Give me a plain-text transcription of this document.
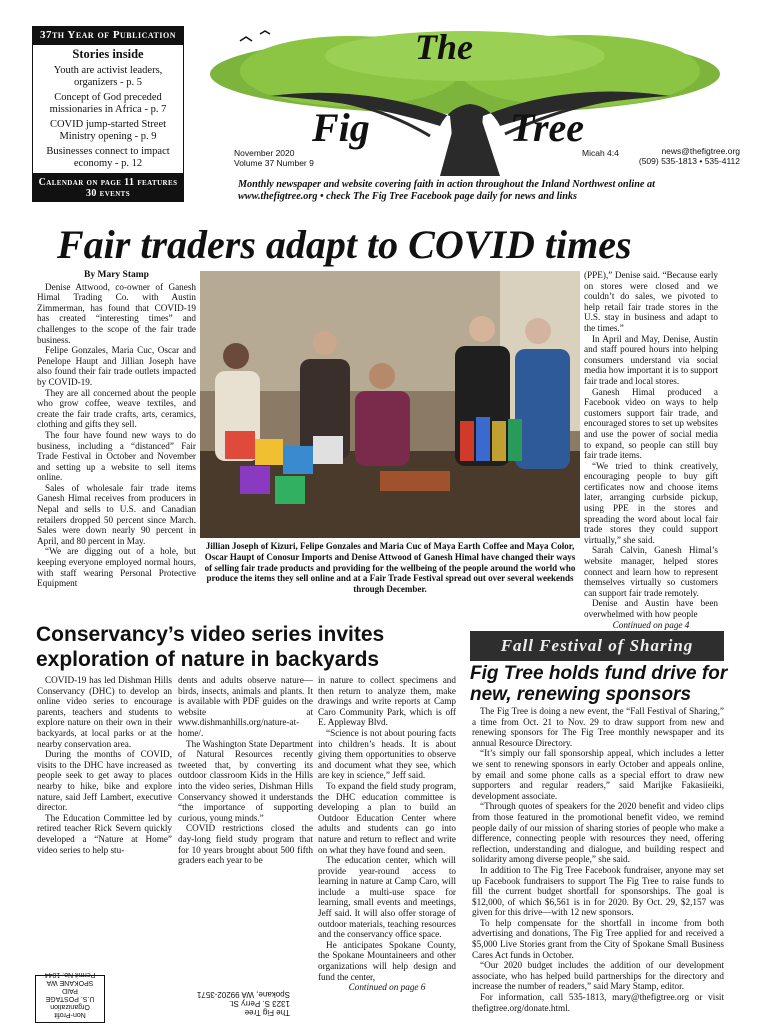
37th Year of Publication
Stories inside
Youth are activist leaders, organizers - p. 5
Concept of God preceded missionaries in Africa - p. 7
COVID jump-started Street Ministry opening - p. 9
Businesses connect to impact economy - p. 12
Calendar on page 11 features 30 events
The
Fig	Tree
November 2020
Volume 37 Number 9
Micah 4:4	news@thefigtree.org
(509) 535-1813 • 535-4112
Monthly newspaper and website covering faith in action throughout the Inland Northwest online at www.thefigtree.org • check The Fig Tree Facebook page daily for news and links
Fair traders adapt to COVID times
By Mary Stamp

Denise Attwood, co-owner of Ganesh Himal Trading Co. with Austin Zimmerman, has found that COVID-19 has created “interesting times” and challenges to the scope of the fair trade business.

Felipe Gonzales, Maria Cuc, Oscar and Penelope Haupt and Jillian Joseph have also found their fair trade outlets impacted by COVID-19.

They are all concerned about the people who grow coffee, weave textiles, and create the fair trade crafts, arts, ceramics, clothing and gifts they sell.

The four have found new ways to do business, including a “distanced” Fair Trade Festival in October and November and setting up a website to sell items online.

Sales of wholesale fair trade items Ganesh Himal receives from producers in Nepal and sells to U.S. and Canadian retailers dropped 50 percent since March. Sales were down nearly 90 percent in April, and 80 percent in May.

“We are digging out of a hole, but keeping everyone employed normal hours, with staff wearing Personal Protective Equipment

Jillian Joseph of Kizuri, Felipe Gonzales and Maria Cuc of Maya Earth Coffee and Maya Color, Oscar Haupt of Conosur Imports and Denise Attwood of Ganesh Himal have changed their ways of selling fair trade products and providing for the wellbeing of the people around the world who produce the items they sell online and at a Fair Trade Festival spread out over several weekends through December.

(PPE),” Denise said. “Because early on stores were closed and we couldn’t do sales, we pivoted to help retail fair trade stores in the U.S. stay in business and adapt to the times.”

In April and May, Denise, Austin and staff poured hours into helping consumers understand via social media how important it is to support fair trade and local stores.

Ganesh Himal produced a Facebook video on ways to help customers support fair trade, and encouraged stores to set up websites and use the power of social media to expand, so people can still buy fair trade items.

“We tried to think creatively, encouraging people to buy gift certificates now and choose items later, arranging curbside pickup, using PPE in the stores and spreading the word about local fair trade stores they could support virtually,” she said.

Sarah Calvin, Ganesh Himal’s website manager, helped stores connect and learn how to represent themselves virtually so customers can support fair trade remotely.

Denise and Austin have been overwhelmed with how people

Continued on page 4

Conservancy’s video series invites exploration of nature in backyards

COVID-19 has led Dishman Hills Conservancy (DHC) to develop an online video series to encourage parents, teachers and students to explore nature on their own in their backyards, at local parks or at the nearby conservation area.

During the months of COVID, visits to the DHC have increased as people seek to get away to places nearby to hike, bike and explore nature, said Jeff Lambert, executive director.

The Education Committee led by retired teacher Rick Severn quickly developed a “Nature at Home” video series to help stu-

dents and adults observe nature—birds, insects, animals and plants. It is available with PDF guides on the website at www.dishmanhills.org/nature-at-home/.

The Washington State Department of Natural Resources recently tweeted that, by converting its outdoor classroom Kids in the Hills into the video series, Dishman Hills Conservancy showed it understands “the importance of supporting curious, young minds.”

COVID restrictions closed the day-long field study program that for 10 years brought about 500 fifth graders each year to be

in nature to collect specimens and then return to analyze them, make drawings and write reports at Camp Caro Community Park, which is off E. Appleway Blvd.

“Science is not about pouring facts into children’s heads. It is about giving them opportunities to observe and document what they see, which are key in science,” Jeff said.

To expand the field study program, the DHC education committee is developing a plan to build an Outdoor Education Center where adults and students can go into nature and return to reflect and write on what they have found and seen.

The education center, which will provide year-round access to learning in nature at Camp Caro, will include a multi-use space for learning, small events and meetings, Jeff said. It will also offer storage of outdoor materials, teaching resources and the conservancy office space.

He anticipates Spokane County, the Spokane Mountaineers and other organizations will help design and fund the center,

Continued on page 6

Fall Festival of Sharing
Fig Tree holds fund drive for new, renewing sponsors

The Fig Tree is doing a new event, the “Fall Festival of Sharing,” a time from Oct. 21 to Nov. 29 to draw support from new and renewing sponsors for The Fig Tree monthly newspaper and its annual Resource Directory.

“It’s simply our fall sponsorship appeal, which includes a letter we sent to renewing sponsors in early October and appeals online, by email and some phone calls as a special effort to draw new supporters and regular readers,” said Marijke Fakasiieiki, development associate.

“Through quotes of speakers for the 2020 benefit and video clips from those featured in the promotional benefit video, we remind people daily of our mission of sharing stories of people who make a difference, connecting people with resources they need, offering reflection, understanding and dialogue, and building respect and solidarity among diverse people,” she said.

In addition to The Fig Tree Facebook fundraiser, anyone may set up Facebook fundraisers to support The Fig Tree to raise funds to fill the current budget shortfall for sponsorships. The goal is $12,000, of which $6,561 is in for 2020. By Oct. 29, $2,157 was given for this drive—with 12 new sponsors.

To help compensate for the shortfall in income from both advertising and donations, The Fig Tree applied for and received a $5,000 Live Stories grant from the City of Spokane Small Business Cares Act funds in October.

“Our 2020 budget includes the addition of our development associate, who has helped build partnerships for the directory and increase the number of readers,” said Mary Stamp, editor.

For information, call 535-1813, mary@thefigtree.org or visit thefigtree.org/donate.html.

Non-Profit
Organization
U.S. POSTAGE
PAID
SPOKANE WA
Permit No. 1044
The Fig Tree
1323 S. Perry St.
Spokane, WA 99202-3571
